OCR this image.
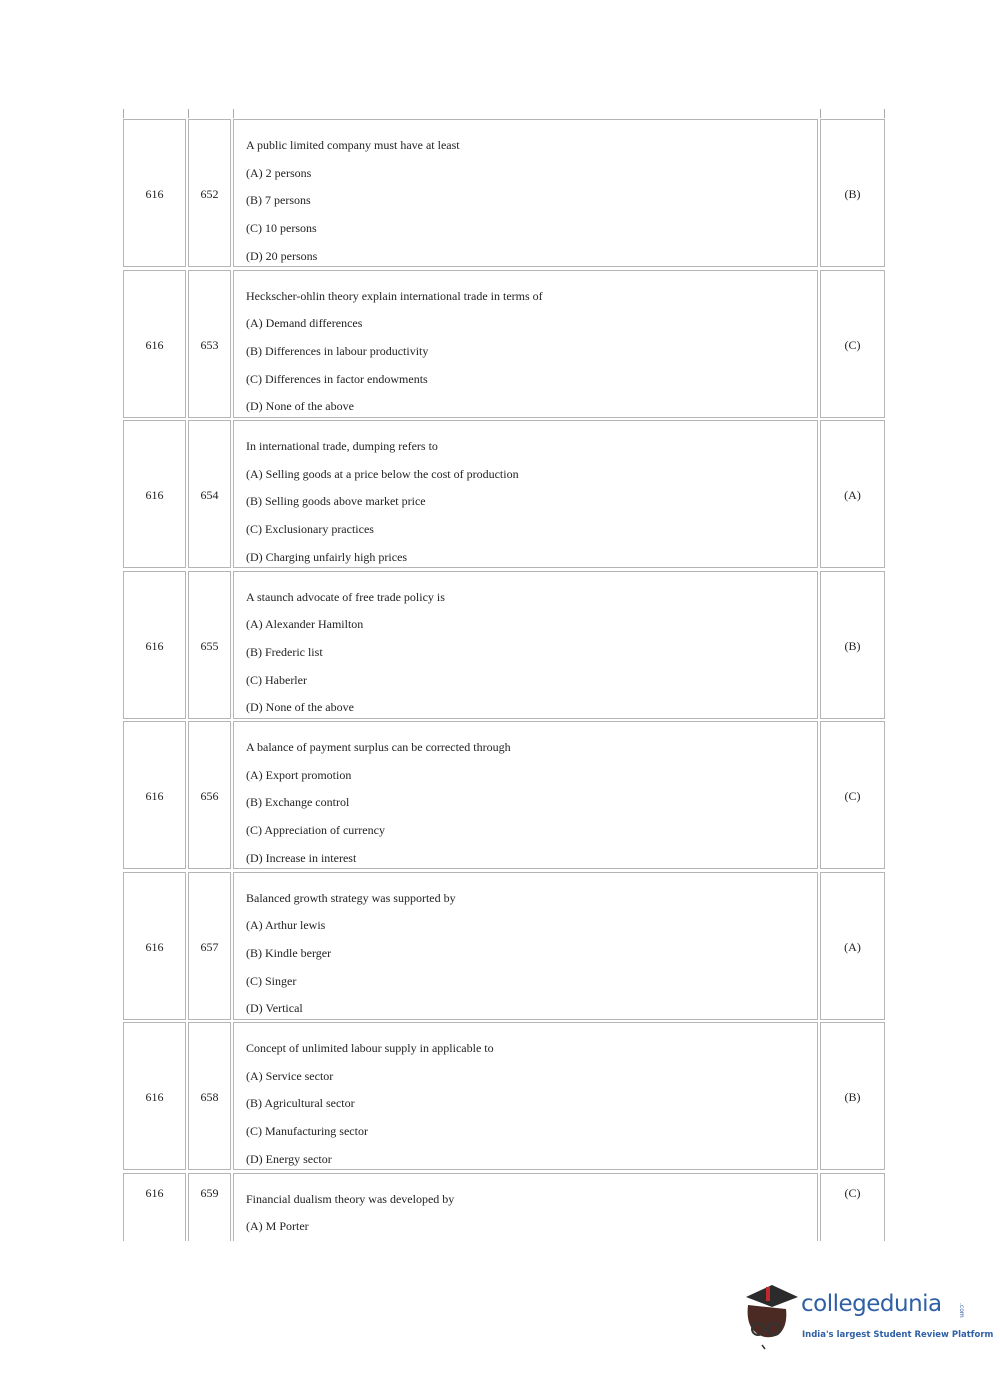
616	652
A public limited company must have at least
(A) 2 persons
(B) 7 persons
(C) 10 persons
(D) 20 persons
(B)
616	653
Heckscher-ohlin theory explain international trade in terms of
(A) Demand differences
(B) Differences in labour productivity
(C) Differences in factor endowments
(D) None of the above
(C)
616	654
In international trade, dumping refers to
(A) Selling goods at a price below the cost of production
(B) Selling goods above market price
(C) Exclusionary practices
(D) Charging unfairly high prices
(A)
616	655
A staunch advocate of free trade policy is
(A) Alexander Hamilton
(B) Frederic list
(C) Haberler
(D) None of the above
(B)
616	656
A balance of payment surplus can be corrected through
(A) Export promotion
(B) Exchange control
(C) Appreciation of currency
(D) Increase in interest
(C)
616	657
Balanced growth strategy was supported by
(A) Arthur lewis
(B) Kindle berger
(C) Singer
(D) Vertical
(A)
616	658
Concept of unlimited labour supply in applicable to
(A) Service sector
(B) Agricultural sector
(C) Manufacturing sector
(D) Energy sector
(B)
616	659	Financial dualism theory was developed by
(A) M Porter
(C)
collegedunia	.com
India's largest Student Review Platform
